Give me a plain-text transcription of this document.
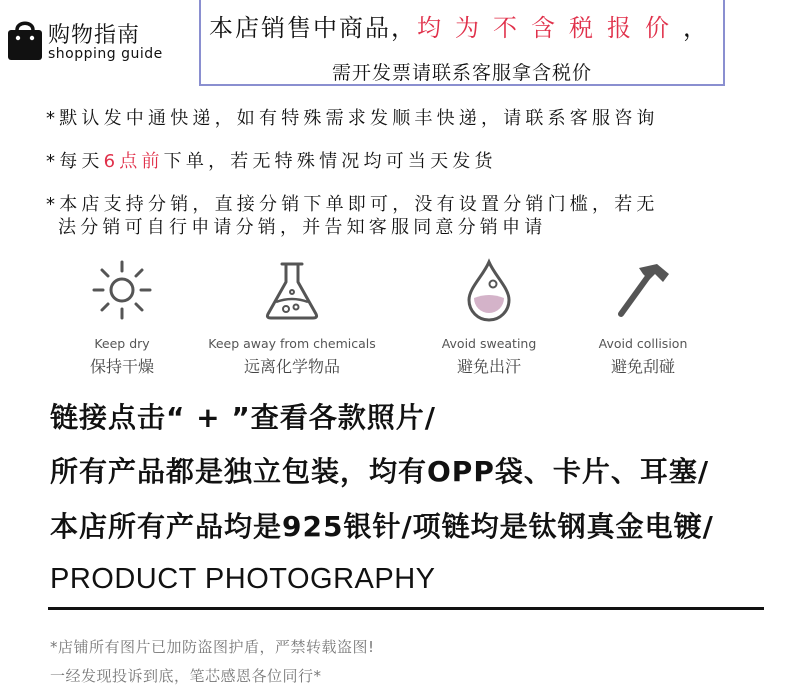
购物指南
shopping guide
本店销售中商品，均为不含税报价，
需开发票请联系客服拿含税价
*默认发中通快递，如有特殊需求发顺丰快递，请联系客服咨询
*每天6点前下单，若无特殊情况均可当天发货
*本店支持分销，直接分销下单即可，没有设置分销门槛，若无
法分销可自行申请分销，并告知客服同意分销申请
Keep dry
保持干燥
Keep away from chemicals
远离化学物品
Avoid sweating
避免出汗
Avoid collision
避免刮碰
链接点击“ + ”查看各款照片/
所有产品都是独立包装，均有OPP袋、卡片、耳塞/
本店所有产品均是925银针/项链均是钛钢真金电镀/
PRODUCT PHOTOGRAPHY
*店铺所有图片已加防盗图护盾，严禁转载盗图!
一经发现投诉到底，笔芯感恩各位同行*
